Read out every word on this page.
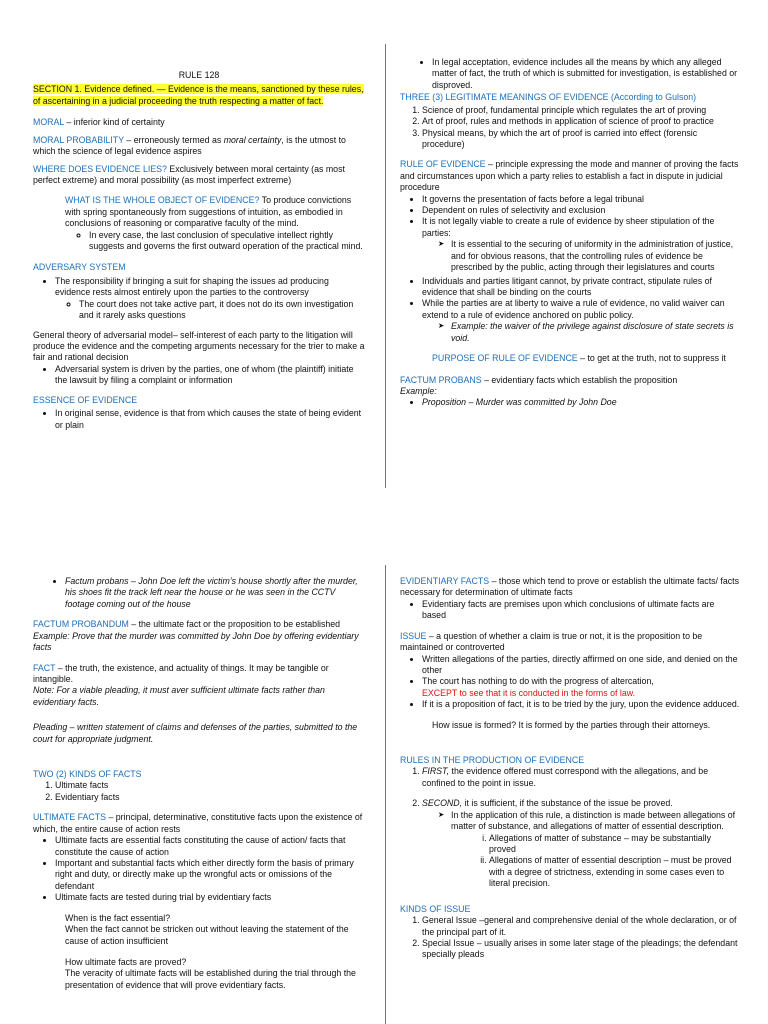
RULE 128

SECTION 1. Evidence defined. — Evidence is the means, sanctioned by these rules, of ascertaining in a judicial proceeding the truth respecting a matter of fact.

MORAL – inferior kind of certainty

MORAL PROBABILITY – erroneously termed as moral certainty, is the utmost to which the science of legal evidence aspires

WHERE DOES EVIDENCE LIES? Exclusively between moral certainty (as most perfect extreme) and moral possibility (as most imperfect extreme)

WHAT IS THE WHOLE OBJECT OF EVIDENCE? To produce convictions with spring spontaneously from suggestions of intuition, as embodied in conclusions of reasoning or comparative faculty of the mind.

◦ In every case, the last conclusion of speculative intellect rightly suggests and governs the first outward operation of the practical mind.

ADVERSARY SYSTEM

• The responsibility if bringing a suit for shaping the issues ad producing evidence rests almost entirely upon the parties to the controversy
◦ The court does not take active part, it does not do its own investigation and it rarely asks questions

General theory of adversarial model– self-interest of each party to the litigation will produce the evidence and the competing arguments necessary for the trier to make a fair and rational decision

• Adversarial system is driven by the parties, one of whom (the plaintiff) initiate the lawsuit by filing a complaint or information

ESSENCE OF EVIDENCE

• In original sense, evidence is that from which causes the state of being evident or plain
• In legal acceptation, evidence includes all the means by which any alleged matter of fact, the truth of which is submitted for investigation, is established or disproved.

THREE (3) LEGITIMATE MEANINGS OF EVIDENCE (According to Gulson)

1. Science of proof, fundamental principle which regulates the art of proving
2. Art of proof, rules and methods in application of science of proof to practice
3. Physical means, by which the art of proof is carried into effect (forensic procedure)

RULE OF EVIDENCE – principle expressing the mode and manner of proving the facts and circumstances upon which a party relies to establish a fact in dispute in judicial procedure

• It governs the presentation of facts before a legal tribunal
• Dependent on rules of selectivity and exclusion
• It is not legally viable to create a rule of evidence by sheer stipulation of the parties:
➤ It is essential to the securing of uniformity in the administration of justice, and for obvious reasons, that the controlling rules of evidence be prescribed by the public, acting through their legislatures and courts
• Individuals and parties litigant cannot, by private contract, stipulate rules of evidence that shall be binding on the courts
• While the parties are at liberty to waive a rule of evidence, no valid waiver can extend to a rule of evidence anchored on public policy.
➤ Example: the waiver of the privilege against disclosure of state secrets is void.

PURPOSE OF RULE OF EVIDENCE – to get at the truth, not to suppress it

FACTUM PROBANS – evidentiary facts which establish the proposition

Example:

• Proposition – Murder was committed by John Doe
• Factum probans – John Doe left the victim’s house shortly after the murder, his shoes fit the track left near the house or he was seen in the CCTV footage coming out of the house

FACTUM PROBANDUM – the ultimate fact or the proposition to be established

Example: Prove that the murder was committed by John Doe by offering evidentiary facts

FACT – the truth, the existence, and actuality of things. It may be tangible or intangible.

Note: For a viable pleading, it must aver sufficient ultimate facts rather than evidentiary facts.

Pleading – written statement of claims and defenses of the parties, submitted to the court for appropriate judgment.

TWO (2) KINDS OF FACTS

1. Ultimate facts
2. Evidentiary facts

ULTIMATE FACTS – principal, determinative, constitutive facts upon the existence of which, the entire cause of action rests

• Ultimate facts are essential facts constituting the cause of action/ facts that constitute the cause of action
• Important and substantial facts which either directly form the basis of primary right and duty, or directly make up the wrongful acts or omissions of the defendant
• Ultimate facts are tested during trial by evidentiary facts

When is the fact essential?

When the fact cannot be stricken out without leaving the statement of the cause of action insufficient

How ultimate facts are proved?

The veracity of ultimate facts will be established during the trial through the presentation of evidence that will prove evidentiary facts.

EVIDENTIARY FACTS – those which tend to prove or establish the ultimate facts/ facts necessary for determination of ultimate facts

• Evidentiary facts are premises upon which conclusions of ultimate facts are based

ISSUE – a question of whether a claim is true or not, it is the proposition to be maintained or controverted

• Written allegations of the parties, directly affirmed on one side, and denied on the other
• The court has nothing to do with the progress of altercation,
EXCEPT to see that it is conducted in the forms of law.
• If it is a proposition of fact, it is to be tried by the jury, upon the evidence adduced.

How issue is formed? It is formed by the parties through their attorneys.

RULES IN THE PRODUCTION OF EVIDENCE

1. FIRST, the evidence offered must correspond with the allegations, and be confined to the point in issue.
2. SECOND, it is sufficient, if the substance of the issue be proved.
➤ In the application of this rule, a distinction is made between allegations of matter of substance, and allegations of matter of essential description.
i. Allegations of matter of substance – may be substantially proved
ii. Allegations of matter of essential description – must be proved with a degree of strictness, extending in some cases even to literal precision.

KINDS OF ISSUE

1. General Issue –general and comprehensive denial of the whole declaration, or of the principal part of it.
2. Special Issue – usually arises in some later stage of the pleadings; the defendant specially pleads
